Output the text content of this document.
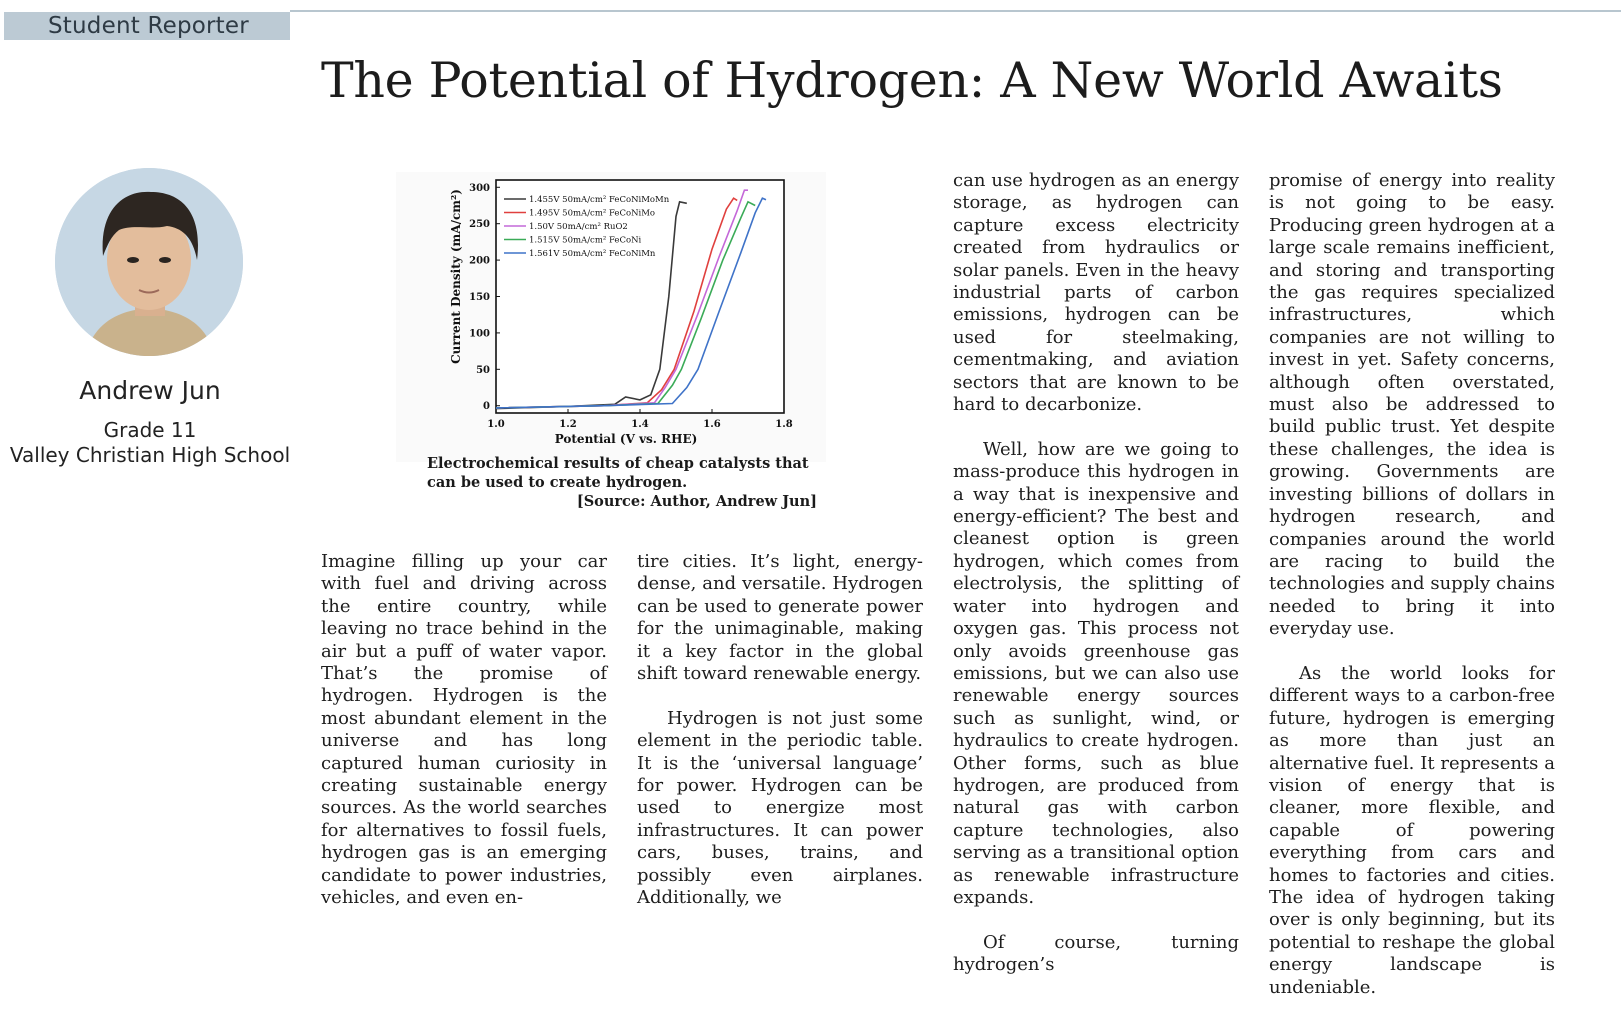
Student Reporter
The Potential of Hydrogen: A New World Awaits
Andrew Jun
Grade 11
Valley Christian High School
1.0	1.2	1.4	1.6	1.8
0
50
100
150
200
250
300
Potential (V vs. RHE)
Current Density (mA/cm²)	1.455V 50mA/cm² FeCoNiMoMn
1.495V 50mA/cm² FeCoNiMo
1.50V 50mA/cm² RuO2
1.515V 50mA/cm² FeCoNi
1.561V 50mA/cm² FeCoNiMn
Electrochemical results of cheap catalysts that can be used to create hydrogen.
[Source: Author, Andrew Jun]

Imagine filling up your car with fuel and driving across the entire country, while leaving no trace behind in the air but a puff of water vapor. That’s the promise of hydrogen. Hydrogen is the most abundant element in the universe and has long captured human curiosity in creating sustainable energy sources. As the world searches for alternatives to fossil fuels, hydrogen gas is an emerging candidate to power industries, vehicles, and even en-

tire cities. It’s light, energy-dense, and versatile. Hydrogen can be used to generate power for the unimaginable, making it a key factor in the global shift toward renewable energy.

Hydrogen is not just some element in the periodic table. It is the ‘universal language’ for power. Hydrogen can be used to energize most infrastructures. It can power cars, buses, trains, and possibly even airplanes. Additionally, we

can use hydrogen as an energy storage, as hydrogen can capture excess electricity created from hydraulics or solar panels. Even in the heavy industrial parts of carbon emissions, hydrogen can be used for steelmaking, cementmaking, and aviation sectors that are known to be hard to decarbonize.

Well, how are we going to mass-produce this hydrogen in a way that is inexpensive and energy-efficient? The best and cleanest option is green hydrogen, which comes from electrolysis, the splitting of water into hydrogen and oxygen gas. This process not only avoids greenhouse gas emissions, but we can also use renewable energy sources such as sunlight, wind, or hydraulics to create hydrogen. Other forms, such as blue hydrogen, are produced from natural gas with carbon capture technologies, also serving as a transitional option as renewable infrastructure expands.

Of course, turning hydrogen’s

promise of energy into reality is not going to be easy. Producing green hydrogen at a large scale remains inefficient, and storing and transporting the gas requires specialized infrastructures, which companies are not willing to invest in yet. Safety concerns, although often overstated, must also be addressed to build public trust. Yet despite these challenges, the idea is growing. Governments are investing billions of dollars in hydrogen research, and companies around the world are racing to build the technologies and supply chains needed to bring it into everyday use.

As the world looks for different ways to a carbon-free future, hydrogen is emerging as more than just an alternative fuel. It represents a vision of energy that is cleaner, more flexible, and capable of powering everything from cars and homes to factories and cities. The idea of hydrogen taking over is only beginning, but its potential to reshape the global energy landscape is undeniable.
